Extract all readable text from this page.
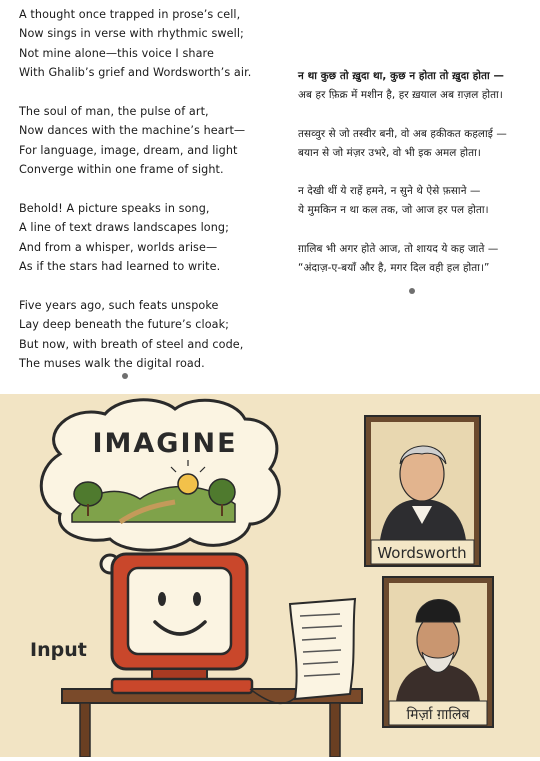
A thought once trapped in prose’s cell,
Now sings in verse with rhythmic swell;
Not mine alone—this voice I share
With Ghalib’s grief and Wordsworth’s air.
The soul of man, the pulse of art,
Now dances with the machine’s heart—
For language, image, dream, and light
Converge within one frame of sight.
Behold! A picture speaks in song,
A line of text draws landscapes long;
And from a whisper, worlds arise—
As if the stars had learned to write.
Five years ago, such feats unspoke
Lay deep beneath the future’s cloak;
But now, with breath of steel and code,
The muses walk the digital road.
न था कुछ तो ख़ुदा था, कुछ न होता तो ख़ुदा होता —
अब हर फ़िक्र में मशीन है, हर ख़याल अब ग़ज़ल होता।
तसव्वुर से जो तस्वीर बनी, वो अब हकीकत कहलाई —
बयान से जो मंज़र उभरे, वो भी इक अमल होता।
न देखी थीं ये राहें हमने, न सुने थे ऐसे फ़साने —
ये मुमकिन न था कल तक, जो आज हर पल होता।
ग़ालिब भी अगर होते आज, तो शायद ये कह जाते —
“अंदाज़-ए-बयाँ और है, मगर दिल वही हल होता।”
IMAGINE
Input
Wordsworth
मिर्ज़ा ग़ालिब
